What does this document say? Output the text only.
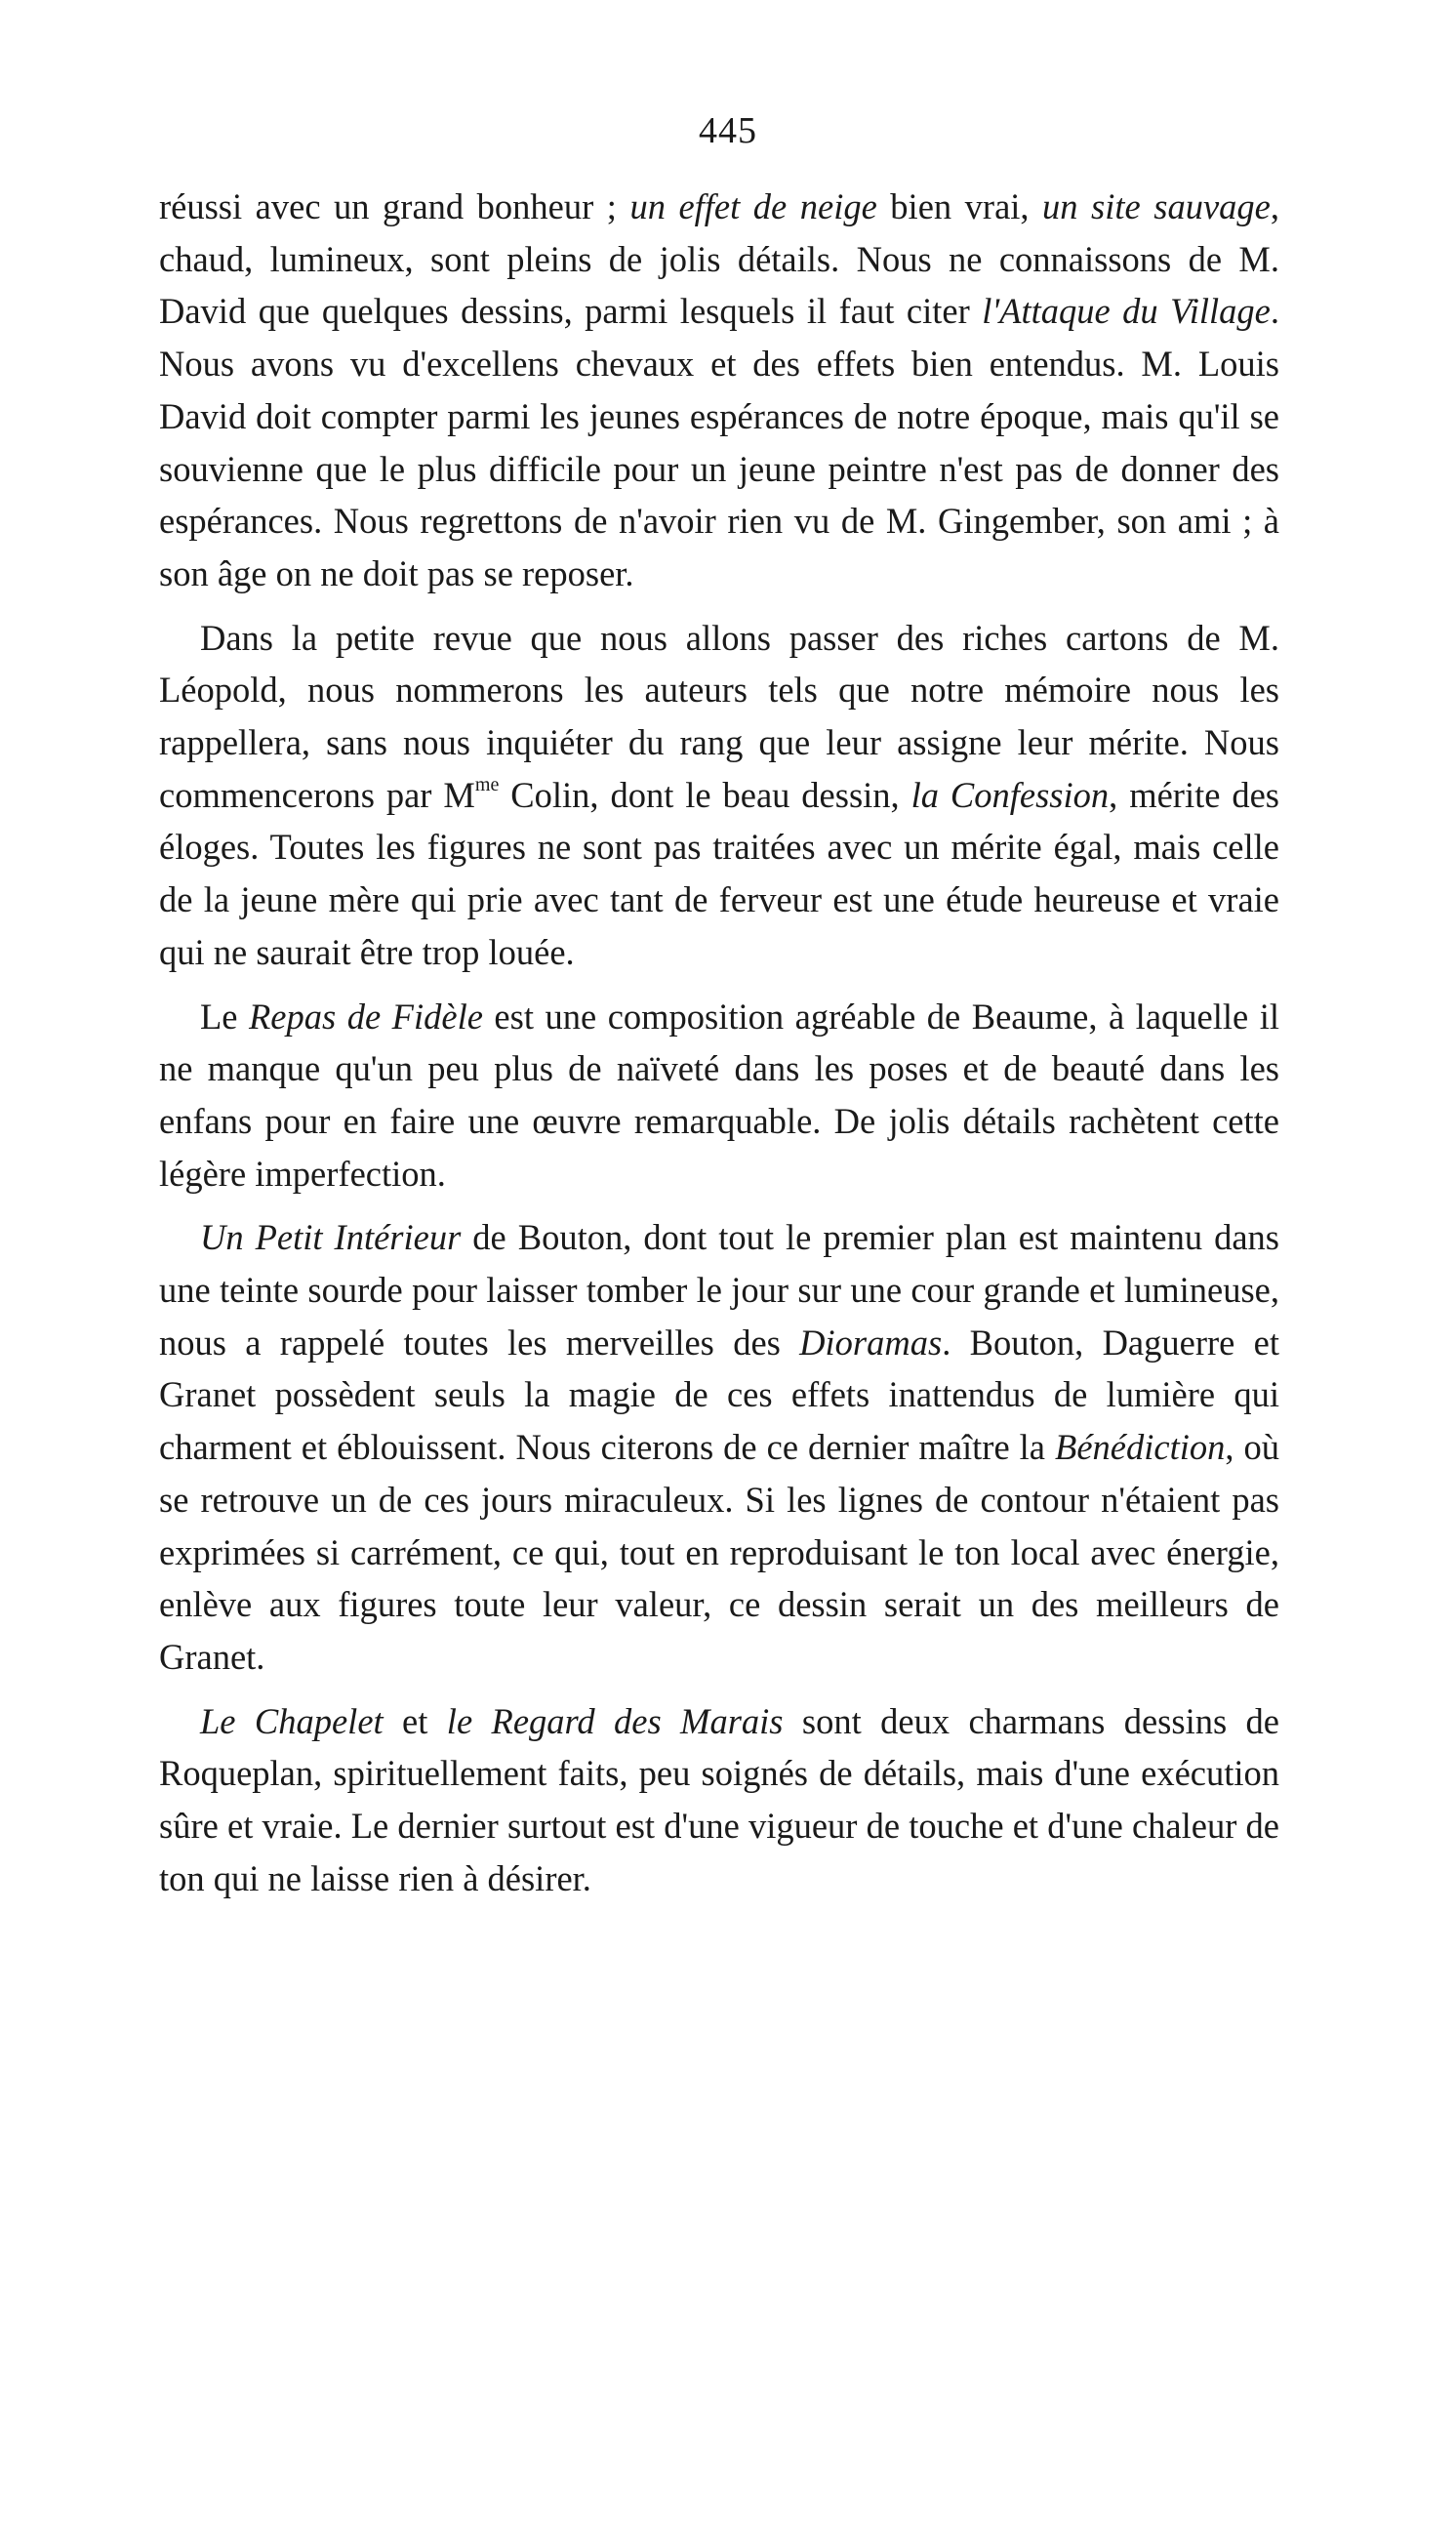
445

réussi avec un grand bonheur ; un effet de neige bien vrai, un site sauvage, chaud, lumineux, sont pleins de jolis détails. Nous ne connaissons de M. David que quelques dessins, parmi lesquels il faut citer l'Attaque du Village. Nous avons vu d'excellens chevaux et des effets bien entendus. M. Louis David doit compter parmi les jeunes espérances de notre époque, mais qu'il se souvienne que le plus difficile pour un jeune peintre n'est pas de donner des espérances. Nous regrettons de n'avoir rien vu de M. Gingember, son ami ; à son âge on ne doit pas se reposer.

Dans la petite revue que nous allons passer des riches cartons de M. Léopold, nous nommerons les auteurs tels que notre mémoire nous les rappellera, sans nous inquiéter du rang que leur assigne leur mérite. Nous commencerons par $M^{me}$ Colin, dont le beau dessin, la Confession, mérite des éloges. Toutes les figures ne sont pas traitées avec un mérite égal, mais celle de la jeune mère qui prie avec tant de ferveur est une étude heureuse et vraie qui ne saurait être trop louée.

Le Repas de Fidèle est une composition agréable de Beaume, à laquelle il ne manque qu'un peu plus de naïveté dans les poses et de beauté dans les enfans pour en faire une œuvre remarquable. De jolis détails rachètent cette légère imperfection.

Un Petit Intérieur de Bouton, dont tout le premier plan est maintenu dans une teinte sourde pour laisser tomber le jour sur une cour grande et lumineuse, nous a rappelé toutes les merveilles des Dioramas. Bouton, Daguerre et Granet possèdent seuls la magie de ces effets inattendus de lumière qui charment et éblouissent. Nous citerons de ce dernier maître la Bénédiction, où se retrouve un de ces jours miraculeux. Si les lignes de contour n'étaient pas exprimées si carrément, ce qui, tout en reproduisant le ton local avec énergie, enlève aux figures toute leur valeur, ce dessin serait un des meilleurs de Granet.

Le Chapelet et le Regard des Marais sont deux charmans dessins de Roqueplan, spirituellement faits, peu soignés de détails, mais d'une exécution sûre et vraie. Le dernier surtout est d'une vigueur de touche et d'une chaleur de ton qui ne laisse rien à désirer.
